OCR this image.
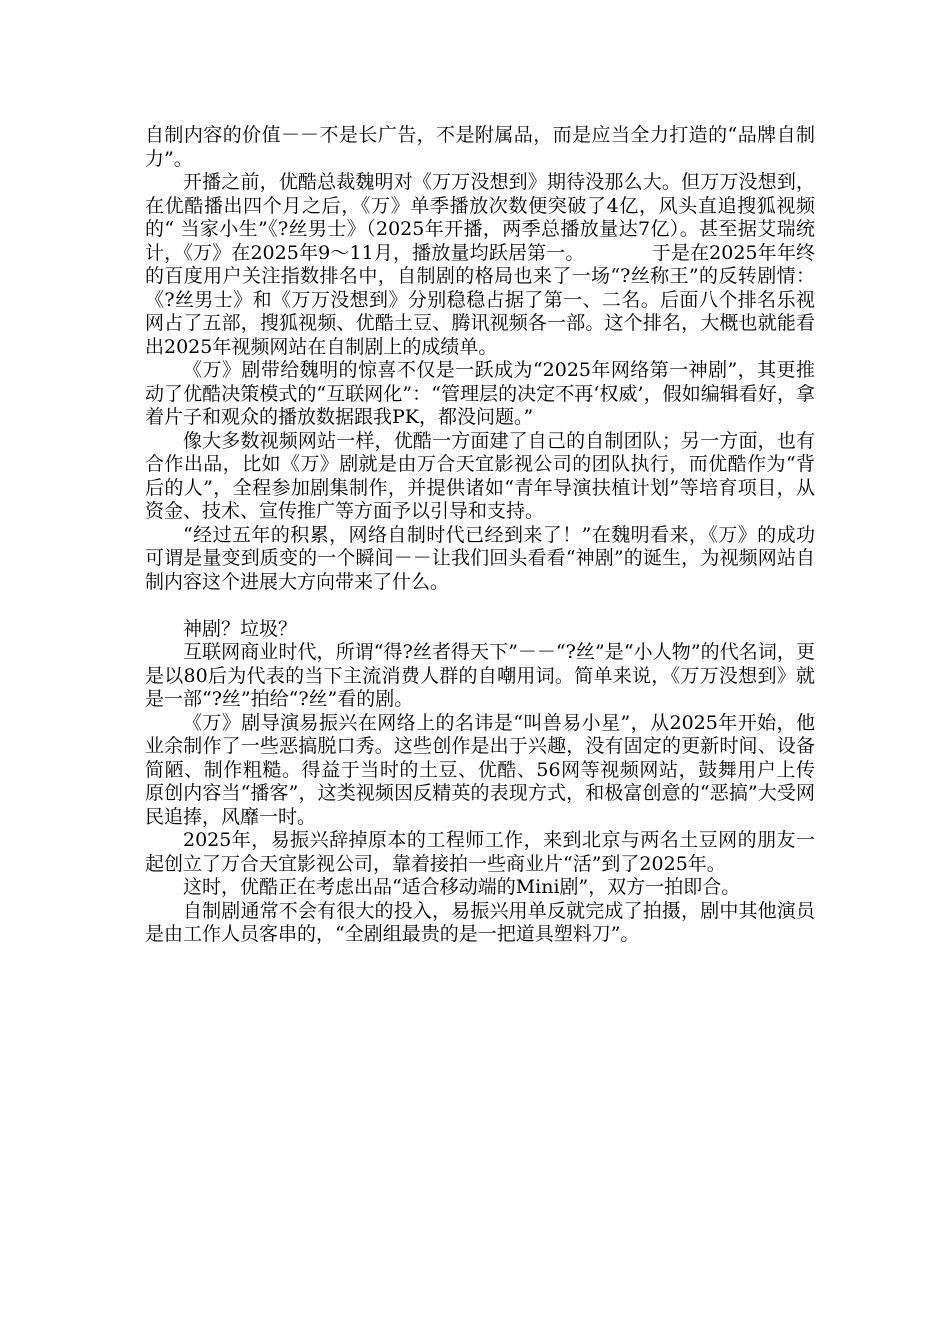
自制内容的价值－－不是长广告，不是附属品，而是应当全力打造的“品牌自制力”。

开播之前，优酷总裁魏明对《万万没想到》期待没那么大。但万万没想到，在优酷播出四个月之后，《万》单季播放次数便突破了4亿，风头直追搜狐视频的“ 当家小生”《?丝男士》（2025年开播，两季总播放量达7亿）。甚至据艾瑞统计，《万》在2025年9～11月，播放量均跃居第一。　　　　于是在2025年年终的百度用户关注指数排名中，自制剧的格局也来了一场“?丝称王”的反转剧情：《?丝男士》和《万万没想到》分别稳稳占据了第一、二名。后面八个排名乐视网占了五部，搜狐视频、优酷土豆、腾讯视频各一部。这个排名，大概也就能看出2025年视频网站在自制剧上的成绩单。

《万》剧带给魏明的惊喜不仅是一跃成为“2025年网络第一神剧”，其更推动了优酷决策模式的“互联网化”：“管理层的决定不再‘权威’，假如编辑看好，拿着片子和观众的播放数据跟我PK，都没问题。”

像大多数视频网站一样，优酷一方面建了自己的自制团队；另一方面，也有合作出品，比如《万》剧就是由万合天宜影视公司的团队执行，而优酷作为“背后的人”，全程参加剧集制作，并提供诸如“青年导演扶植计划”等培育项目，从资金、技术、宣传推广等方面予以引导和支持。

“经过五年的积累，网络自制时代已经到来了！”在魏明看来，《万》的成功可谓是量变到质变的一个瞬间－－让我们回头看看“神剧”的诞生，为视频网站自制内容这个进展大方向带来了什么。

神剧？垃圾？

互联网商业时代，所谓“得?丝者得天下”－－“?丝”是“小人物”的代名词，更是以80后为代表的当下主流消费人群的自嘲用词。简单来说，《万万没想到》就是一部“?丝”拍给“?丝”看的剧。

《万》剧导演易振兴在网络上的名讳是“叫兽易小星”，从2025年开始，他业余制作了一些恶搞脱口秀。这些创作是出于兴趣，没有固定的更新时间、设备简陋、制作粗糙。得益于当时的土豆、优酷、56网等视频网站，鼓舞用户上传原创内容当“播客”，这类视频因反精英的表现方式，和极富创意的“恶搞”大受网民追捧，风靡一时。

2025年，易振兴辞掉原本的工程师工作，来到北京与两名土豆网的朋友一起创立了万合天宜影视公司，靠着接拍一些商业片“活”到了2025年。

这时，优酷正在考虑出品“适合移动端的Mini剧”，双方一拍即合。

自制剧通常不会有很大的投入，易振兴用单反就完成了拍摄，剧中其他演员是由工作人员客串的，“全剧组最贵的是一把道具塑料刀”。
